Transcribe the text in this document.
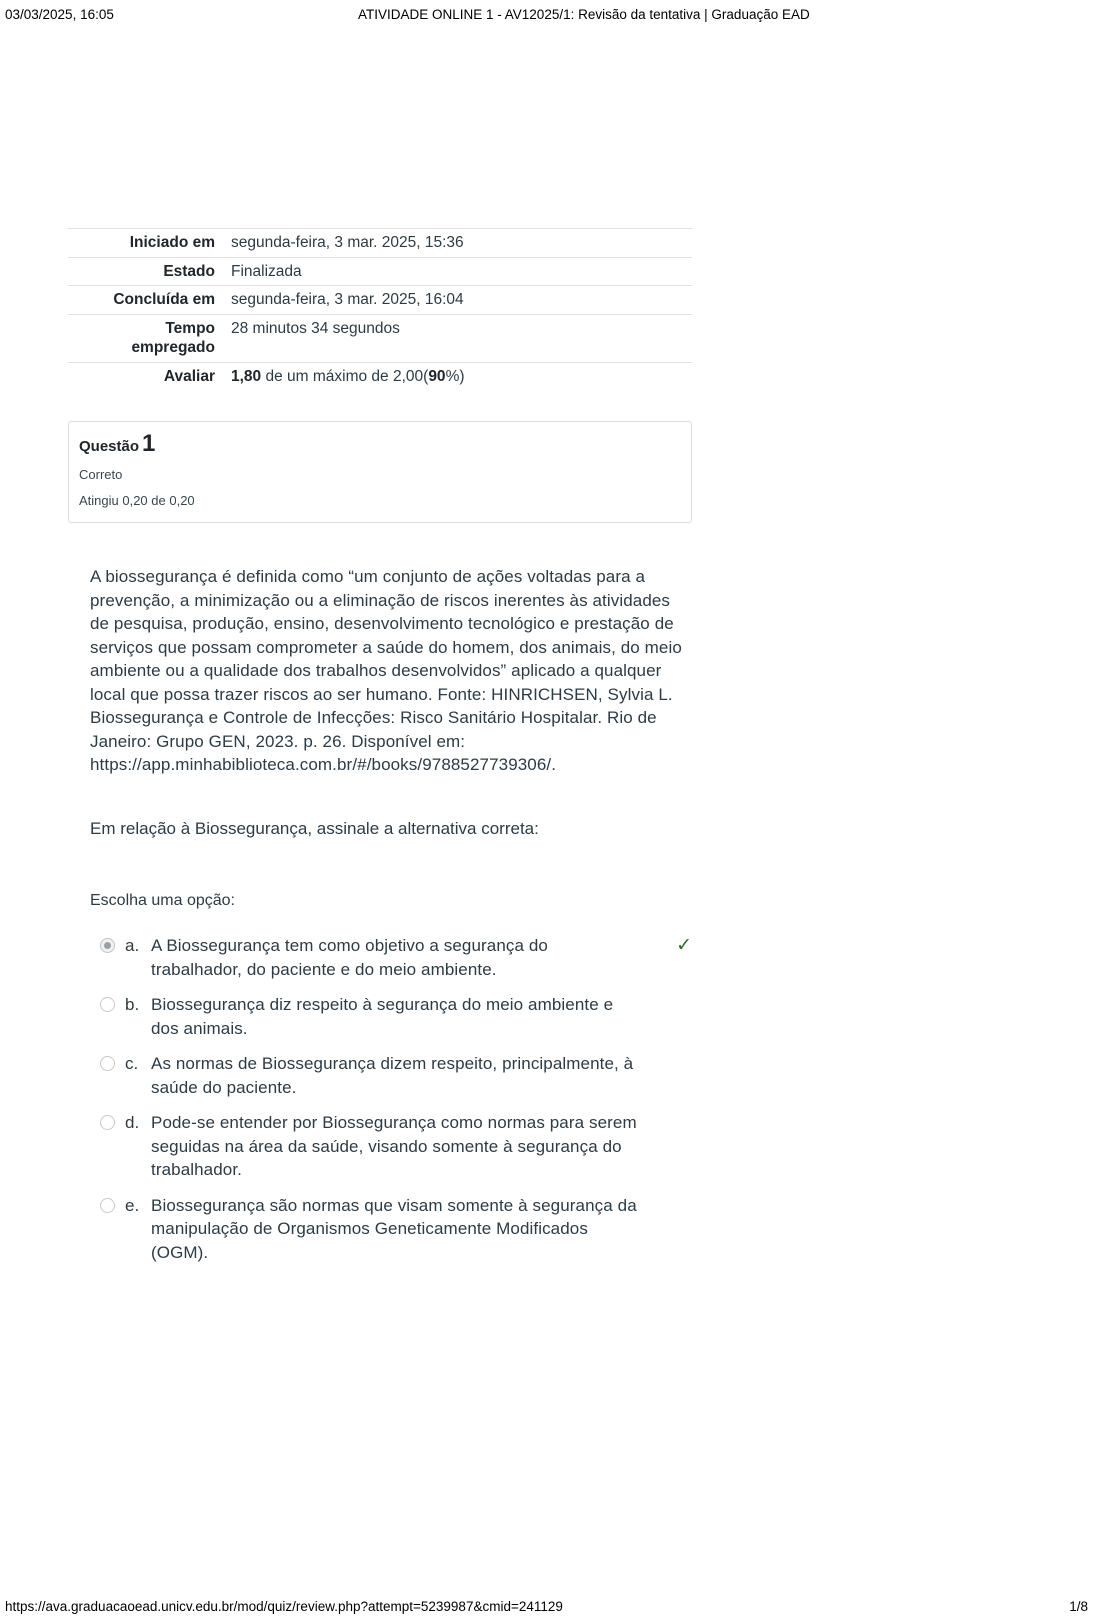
03/03/2025, 16:05	ATIVIDADE ONLINE 1 - AV12025/1: Revisão da tentativa | Graduação EAD
Iniciado em	segunda-feira, 3 mar. 2025, 15:36
Estado	Finalizada
Concluída em	segunda-feira, 3 mar. 2025, 16:04
Tempo empregado	28 minutos 34 segundos
Avaliar	1,80 de um máximo de 2,00(90%)
Questão 1
Correto
Atingiu 0,20 de 0,20
A biossegurança é definida como “um conjunto de ações voltadas para a prevenção, a minimização ou a eliminação de riscos inerentes às atividades de pesquisa, produção, ensino, desenvolvimento tecnológico e prestação de serviços que possam comprometer a saúde do homem, dos animais, do meio ambiente ou a qualidade dos trabalhos desenvolvidos” aplicado a qualquer local que possa trazer riscos ao ser humano. Fonte: HINRICHSEN, Sylvia L. Biossegurança e Controle de Infecções: Risco Sanitário Hospitalar. Rio de Janeiro: Grupo GEN, 2023. p. 26. Disponível em: https://app.minhabiblioteca.com.br/#/books/9788527739306/.
Em relação à Biossegurança, assinale a alternativa correta:
Escolha uma opção:
a. A Biossegurança tem como objetivo a segurança do trabalhador, do paciente e do meio ambiente.
✓
b. Biossegurança diz respeito à segurança do meio ambiente e dos animais.
c. As normas de Biossegurança dizem respeito, principalmente, à saúde do paciente.
d. Pode-se entender por Biossegurança como normas para serem seguidas na área da saúde, visando somente à segurança do trabalhador.
e. Biossegurança são normas que visam somente à segurança da manipulação de Organismos Geneticamente Modificados (OGM).
https://ava.graduacaoead.unicv.edu.br/mod/quiz/review.php?attempt=5239987&cmid=241129	1/8
